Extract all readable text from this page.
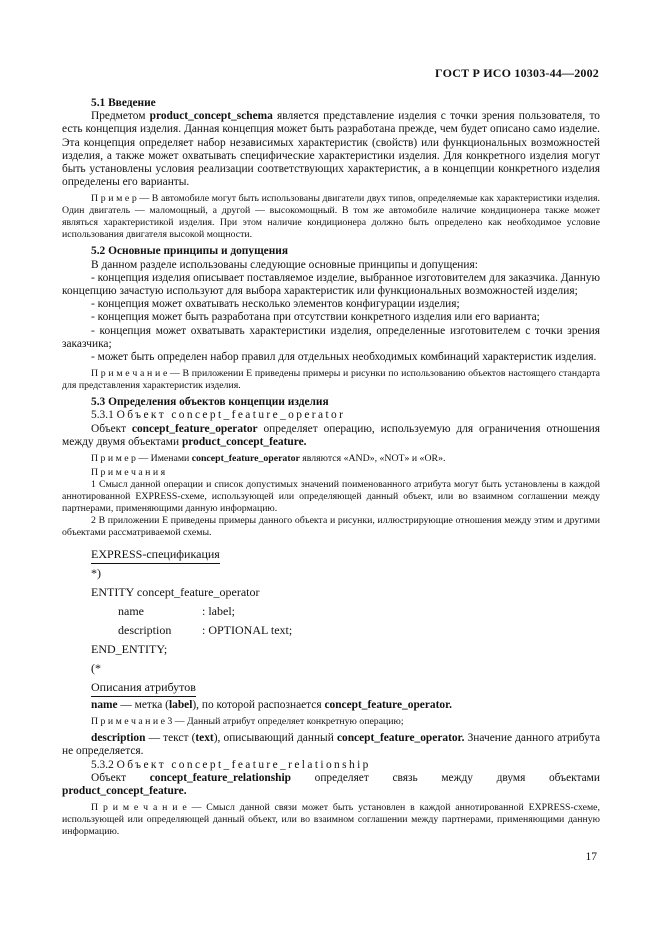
ГОСТ Р ИСО 10303-44—2002

5.1 Введение

Предметом product_concept_schema является представление изделия с точки зрения пользователя, то есть концепция изделия. Данная концепция может быть разработана прежде, чем будет описано само изделие. Эта концепция определяет набор независимых характеристик (свойств) или функциональных возможностей изделия, а также может охватывать специфические характеристики изделия. Для конкретного изделия могут быть установлены условия реализации соответствующих характеристик, а в концепции конкретного изделия определены его варианты.

П р и м е р — В автомобиле могут быть использованы двигатели двух типов, определяемые как характеристики изделия. Один двигатель — маломощный, а другой — высокомощный. В том же автомобиле наличие кондиционера также может являться характеристикой изделия. При этом наличие кондиционера должно быть определено как необходимое условие использования двигателя высокой мощности.

5.2 Основные принципы и допущения

В данном разделе использованы следующие основные принципы и допущения:

- концепция изделия описывает поставляемое изделие, выбранное изготовителем для заказчика. Данную концепцию зачастую используют для выбора характеристик или функциональных возможностей изделия;

- концепция может охватывать несколько элементов конфигурации изделия;

- концепция может быть разработана при отсутствии конкретного изделия или его варианта;

- концепция может охватывать характеристики изделия, определенные изготовителем с точки зрения заказчика;

- может быть определен набор правил для отдельных необходимых комбинаций характеристик изделия.

П р и м е ч а н и е — В приложении Е приведены примеры и рисунки по использованию объектов настоящего стандарта для представления характеристик изделия.

5.3 Определения объектов концепции изделия

5.3.1 Объект concept_feature_operator

Объект concept_feature_operator определяет операцию, используемую для ограничения отношения между двумя объектами product_concept_feature.

П р и м е р — Именами concept_feature_operator являются «AND», «NOT» и «OR».

П р и м е ч а н и я

1 Смысл данной операции и список допустимых значений поименованного атрибута могут быть установлены в каждой аннотированной EXPRESS-схеме, использующей или определяющей данный объект, или во взаимном соглашении между партнерами, применяющими данную информацию.

2 В приложении Е приведены примеры данного объекта и рисунки, иллюстрирующие отношения между этим и другими объектами рассматриваемой схемы.

EXPRESS-спецификация

*)

ENTITY concept_feature_operator

name	: label;

description	: OPTIONAL text;

END_ENTITY;

(*

Описания атрибутов

name — метка (label), по которой распознается concept_feature_operator.

П р и м е ч а н и е 3 — Данный атрибут определяет конкретную операцию;

description — текст (text), описывающий данный concept_feature_operator. Значение данного атрибута не определяется.

5.3.2 Объект concept_feature_relationship

Объект concept_feature_relationship определяет связь между двумя объектами product_concept_feature.

П р и м е ч а н и е — Смысл данной связи может быть установлен в каждой аннотированной EXPRESS-схеме, использующей или определяющей данный объект, или во взаимном соглашении между партнерами, применяющими данную информацию.

17
